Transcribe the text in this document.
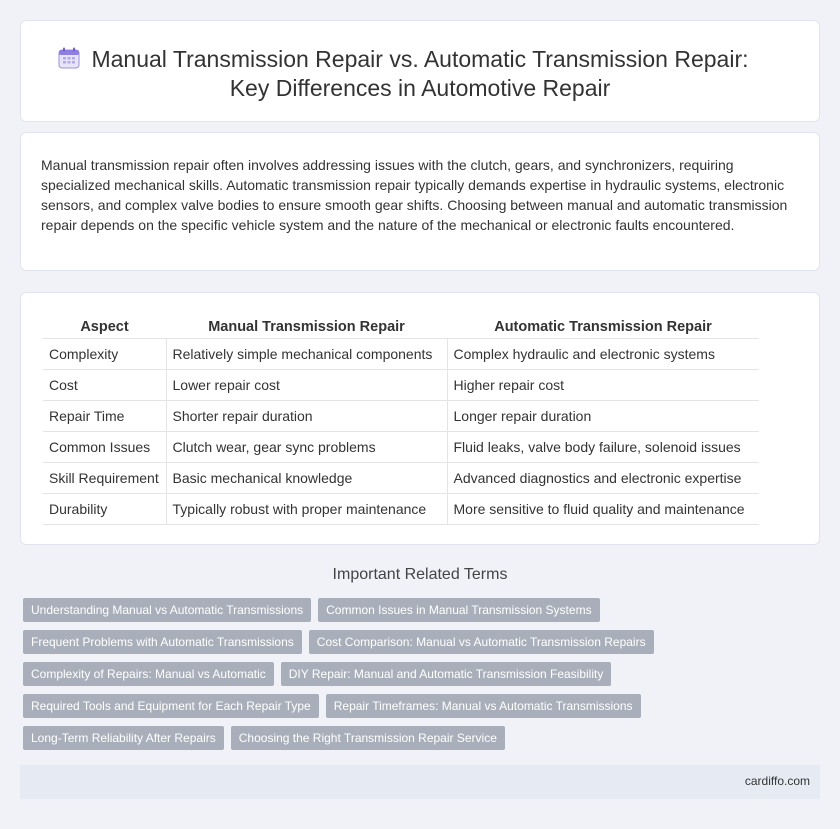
Manual Transmission Repair vs. Automatic Transmission Repair:
Key Differences in Automotive Repair

Manual transmission repair often involves addressing issues with the clutch, gears, and synchronizers, requiring specialized mechanical skills. Automatic transmission repair typically demands expertise in hydraulic systems, electronic sensors, and complex valve bodies to ensure smooth gear shifts. Choosing between manual and automatic transmission repair depends on the specific vehicle system and the nature of the mechanical or electronic faults encountered.

Aspect	Manual Transmission Repair	Automatic Transmission Repair
Complexity	Relatively simple mechanical components	Complex hydraulic and electronic systems
Cost	Lower repair cost	Higher repair cost
Repair Time	Shorter repair duration	Longer repair duration
Common Issues	Clutch wear, gear sync problems	Fluid leaks, valve body failure, solenoid issues
Skill Requirement	Basic mechanical knowledge	Advanced diagnostics and electronic expertise
Durability	Typically robust with proper maintenance	More sensitive to fluid quality and maintenance
Important Related Terms
Understanding Manual vs Automatic Transmissions	Common Issues in Manual Transmission Systems
Frequent Problems with Automatic Transmissions	Cost Comparison: Manual vs Automatic Transmission Repairs
Complexity of Repairs: Manual vs Automatic	DIY Repair: Manual and Automatic Transmission Feasibility
Required Tools and Equipment for Each Repair Type	Repair Timeframes: Manual vs Automatic Transmissions
Long-Term Reliability After Repairs	Choosing the Right Transmission Repair Service
cardiffo.com
